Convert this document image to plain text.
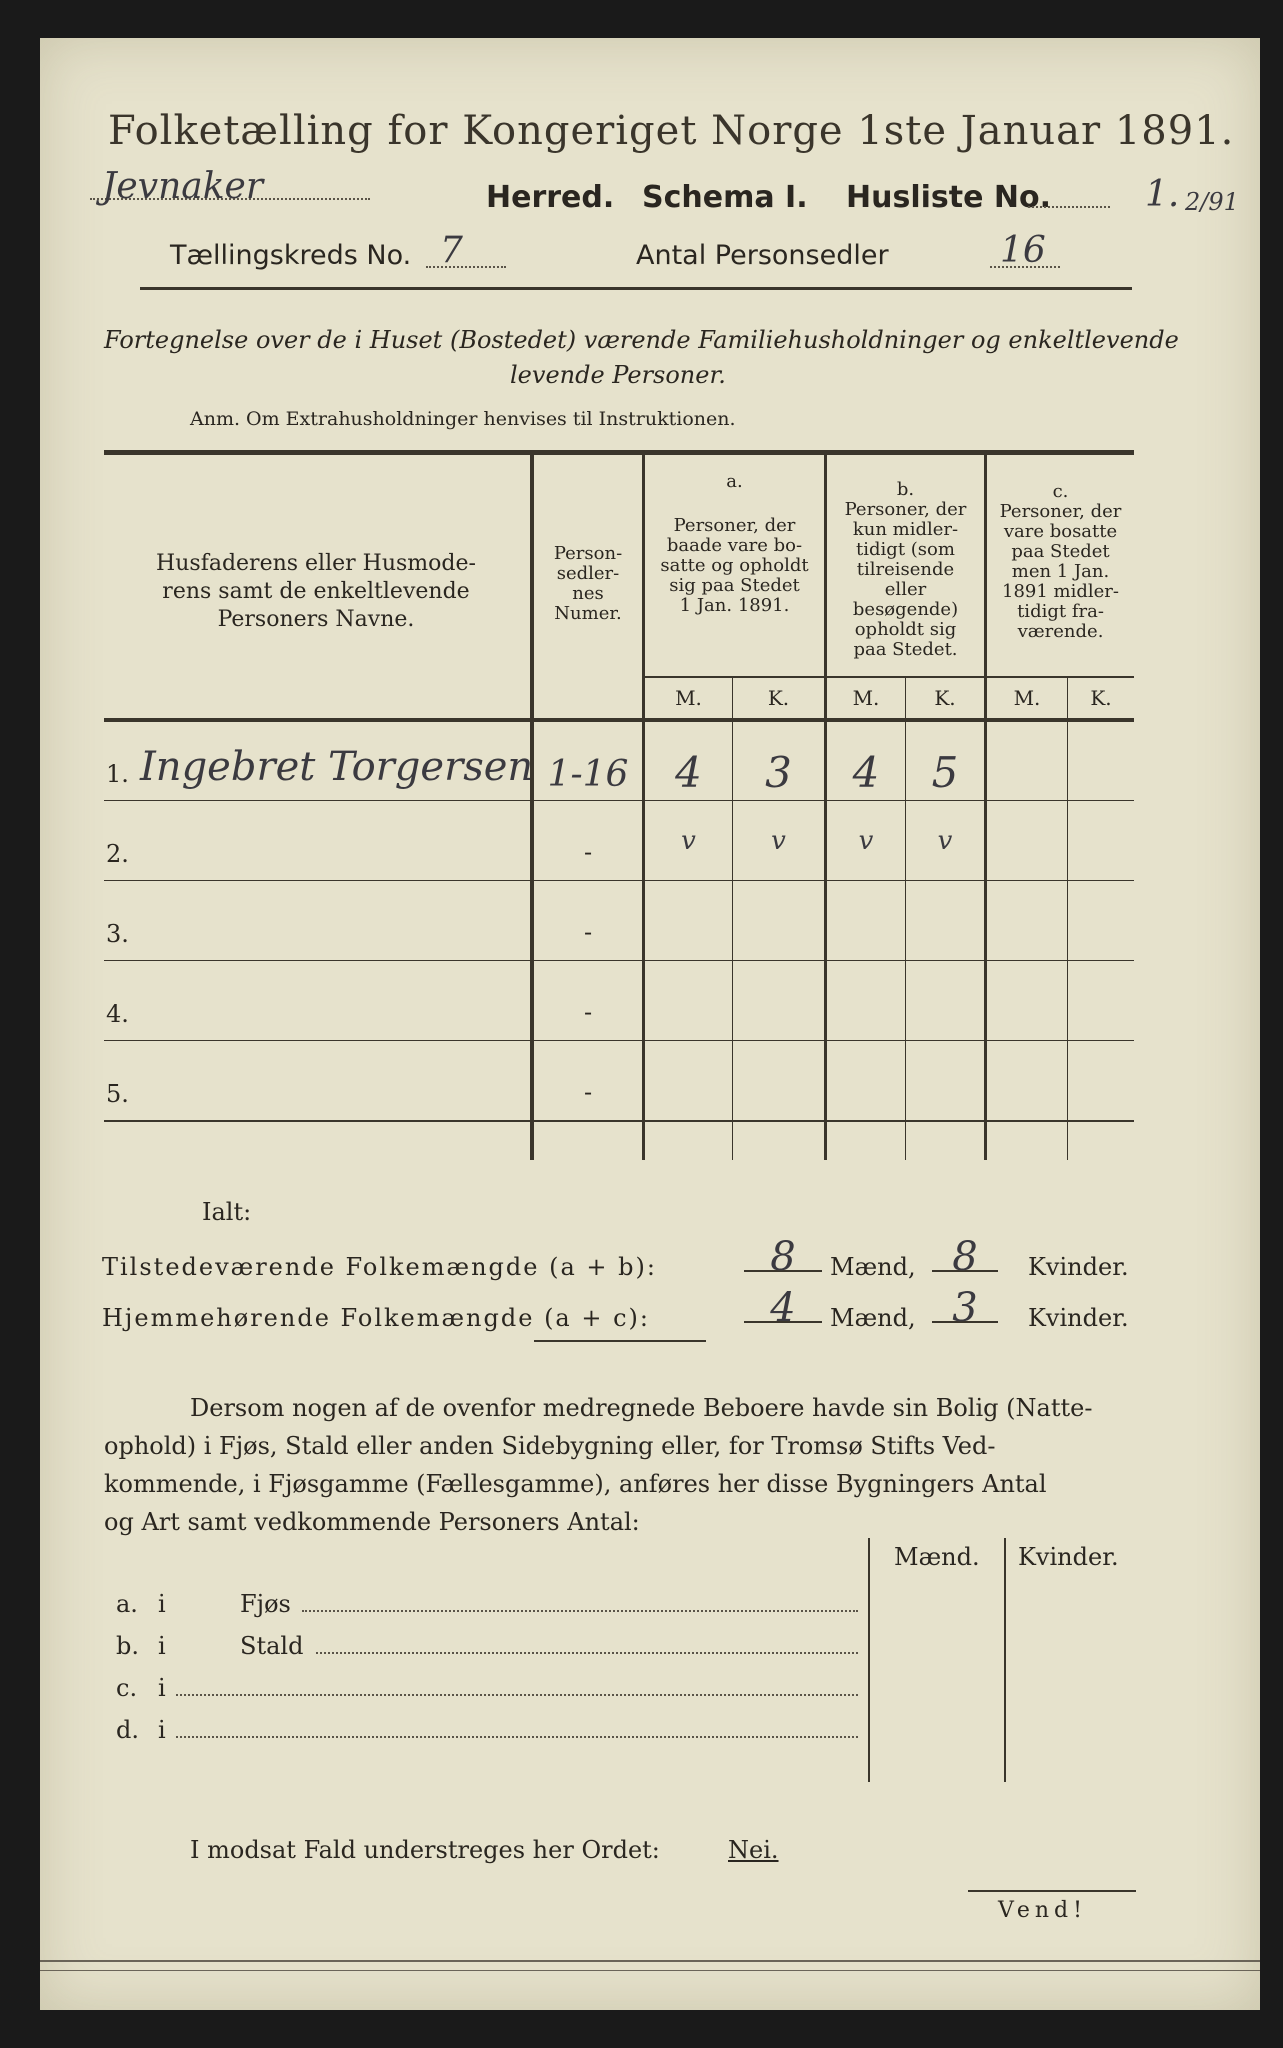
Folketælling for Kongeriget Norge 1ste Januar 1891.
Jevnaker	Herred. Schema I. Husliste No.	1. 2/91
Tællingskreds No. 7	Antal Personsedler	16
Fortegnelse over de i Huset (Bostedet) værende Familiehusholdninger og enkeltlevende
levende Personer.
Anm. Om Extrahusholdninger henvises til Instruktionen.
Husfaderens eller Husmode-
rens samt de enkeltlevende
Personers Navne.
Person-
sedler-
nes
Numer.
a.
Personer, der
baade vare bo-
satte og opholdt
sig paa Stedet
1 Jan. 1891.
b.
Personer, der
kun midler-
tidigt (som
tilreisende
eller
besøgende)
opholdt sig
paa Stedet.
c.
Personer, der
vare bosatte
paa Stedet
men 1 Jan.
1891 midler-
tidigt fra-
værende.
M.	K.	M.	K.	M.	K.
1. Ingebret Torgersen 1-16	4	3	4	5
2.	-	v	v	v	v
3.	-
4.	-
5.	-
Ialt:
Tilstedeværende Folkemængde (a + b):	8	Mænd, 8	Kvinder.
Hjemmehørende Folkemængde (a + c):	4	Mænd, 3	Kvinder.
Dersom nogen af de ovenfor medregnede Beboere havde sin Bolig (Natte-
ophold) i Fjøs, Stald eller anden Sidebygning eller, for Tromsø Stifts Ved-
kommende, i Fjøsgamme (Fællesgamme), anføres her disse Bygningers Antal
og Art samt vedkommende Personers Antal:
Mænd. Kvinder.
a. i	Fjøs
b. i	Stald
c. i
d. i
I modsat Fald understreges her Ordet:	Nei.
Vend!
